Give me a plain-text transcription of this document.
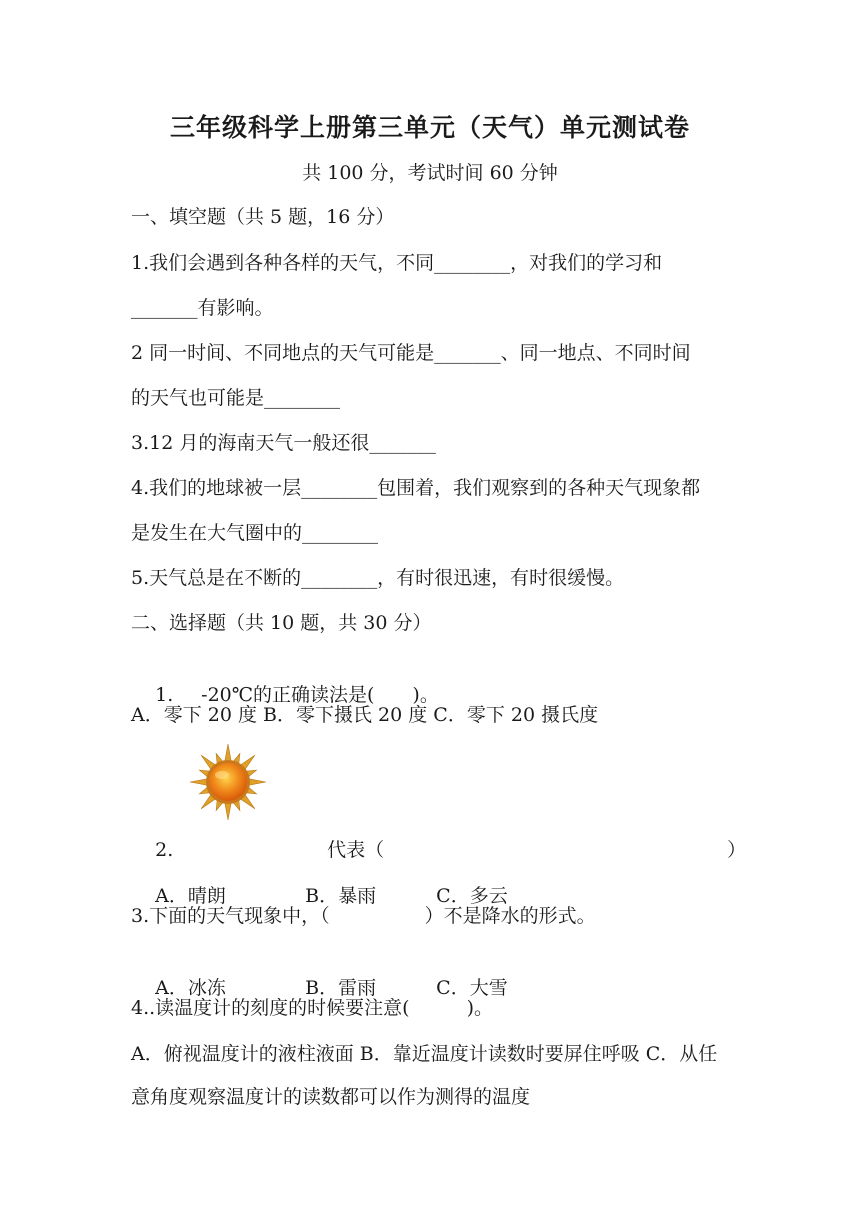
三年级科学上册第三单元（天气）单元测试卷
共 100 分，考试时间 60 分钟
一、填空题（共 5 题，16 分）
1.我们会遇到各种各样的天气，不同________，对我们的学习和
_______有影响。
2 同一时间、不同地点的天气可能是_______、同一地点、不同时间
的天气也可能是________
3.12 月的海南天气一般还很_______
4.我们的地球被一层________包围着，我们观察到的各种天气现象都
是发生在大气圈中的________
5.天气总是在不断的________，有时很迅速，有时很缓慢。
二、选择题（共 10 题，共 30 分）

1. -20℃的正确读法是(　　)。

A．零下 20 度 B．零下摄氏 20 度 C．零下 20 摄氏度

2.	代表（	）

A．晴朗	B．暴雨	C．多云

3.下面的天气现象中，（　　　　　）不是降水的形式。

A．冰冻	B．雷雨	C．大雪

4..读温度计的刻度的时候要注意(　　　)。
A．俯视温度计的液柱液面 B．靠近温度计读数时要屏住呼吸 C．从任
意角度观察温度计的读数都可以作为测得的温度
